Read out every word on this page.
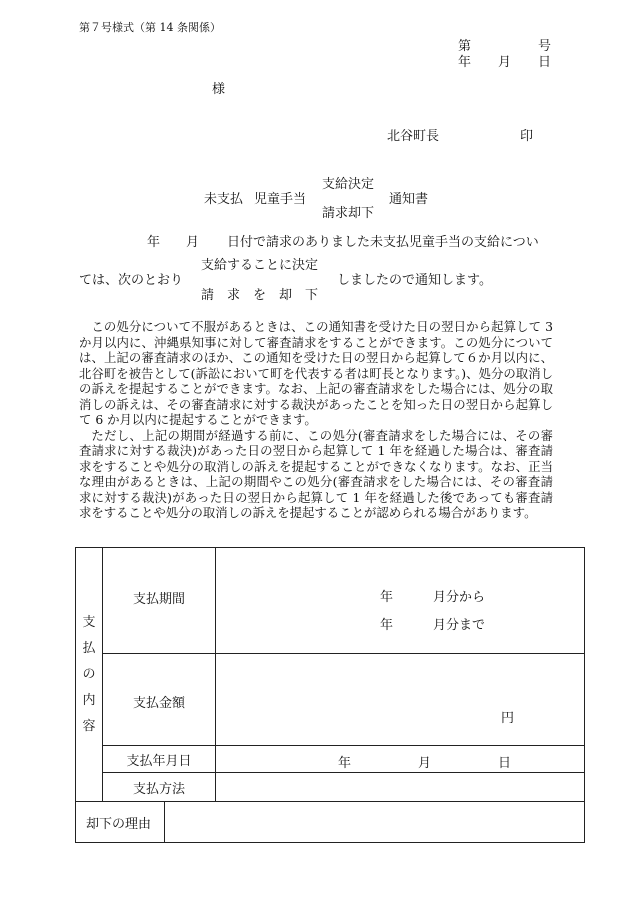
第７号様式（第 14 条関係）
第	号
年 月 日
様
北谷町長	印
支給決定
未支払 児童手当	通知書
請求却下
年 月 日付で請求のありました未支払児童手当の支給につい
支給することに決定
ては、次のとおり	しましたので通知します。
請　求　を　却　下

この処分について不服があるときは、この通知書を受けた日の翌日から起算して 3 か月以内に、沖縄県知事に対して審査請求をすることができます。この処分については、上記の審査請求のほか、この通知を受けた日の翌日から起算して６か月以内に、北谷町を被告として(訴訟において町を代表する者は町長となります。)、処分の取消しの訴えを提起することができます。なお、上記の審査請求をした場合には、処分の取消しの訴えは、その審査請求に対する裁決があったことを知った日の翌日から起算して 6 か月以内に提起することができます。

ただし、上記の期間が経過する前に、この処分(審査請求をした場合には、その審査請求に対する裁決)があった日の翌日から起算して 1 年を経過した場合は、審査請求をすることや処分の取消しの訴えを提起することができなくなります。なお、正当な理由があるときは、上記の期間やこの処分(審査請求をした場合には、その審査請求に対する裁決)があった日の翌日から起算して 1 年を経過した後であっても審査請求をすることや処分の取消しの訴えを提起することが認められる場合があります。

支
払
の
内
容	支払期間		年 月分から
年 月分まで

	支払金額		円

	支払年月日		年 月 日

	支払方法		
却下の理由			
